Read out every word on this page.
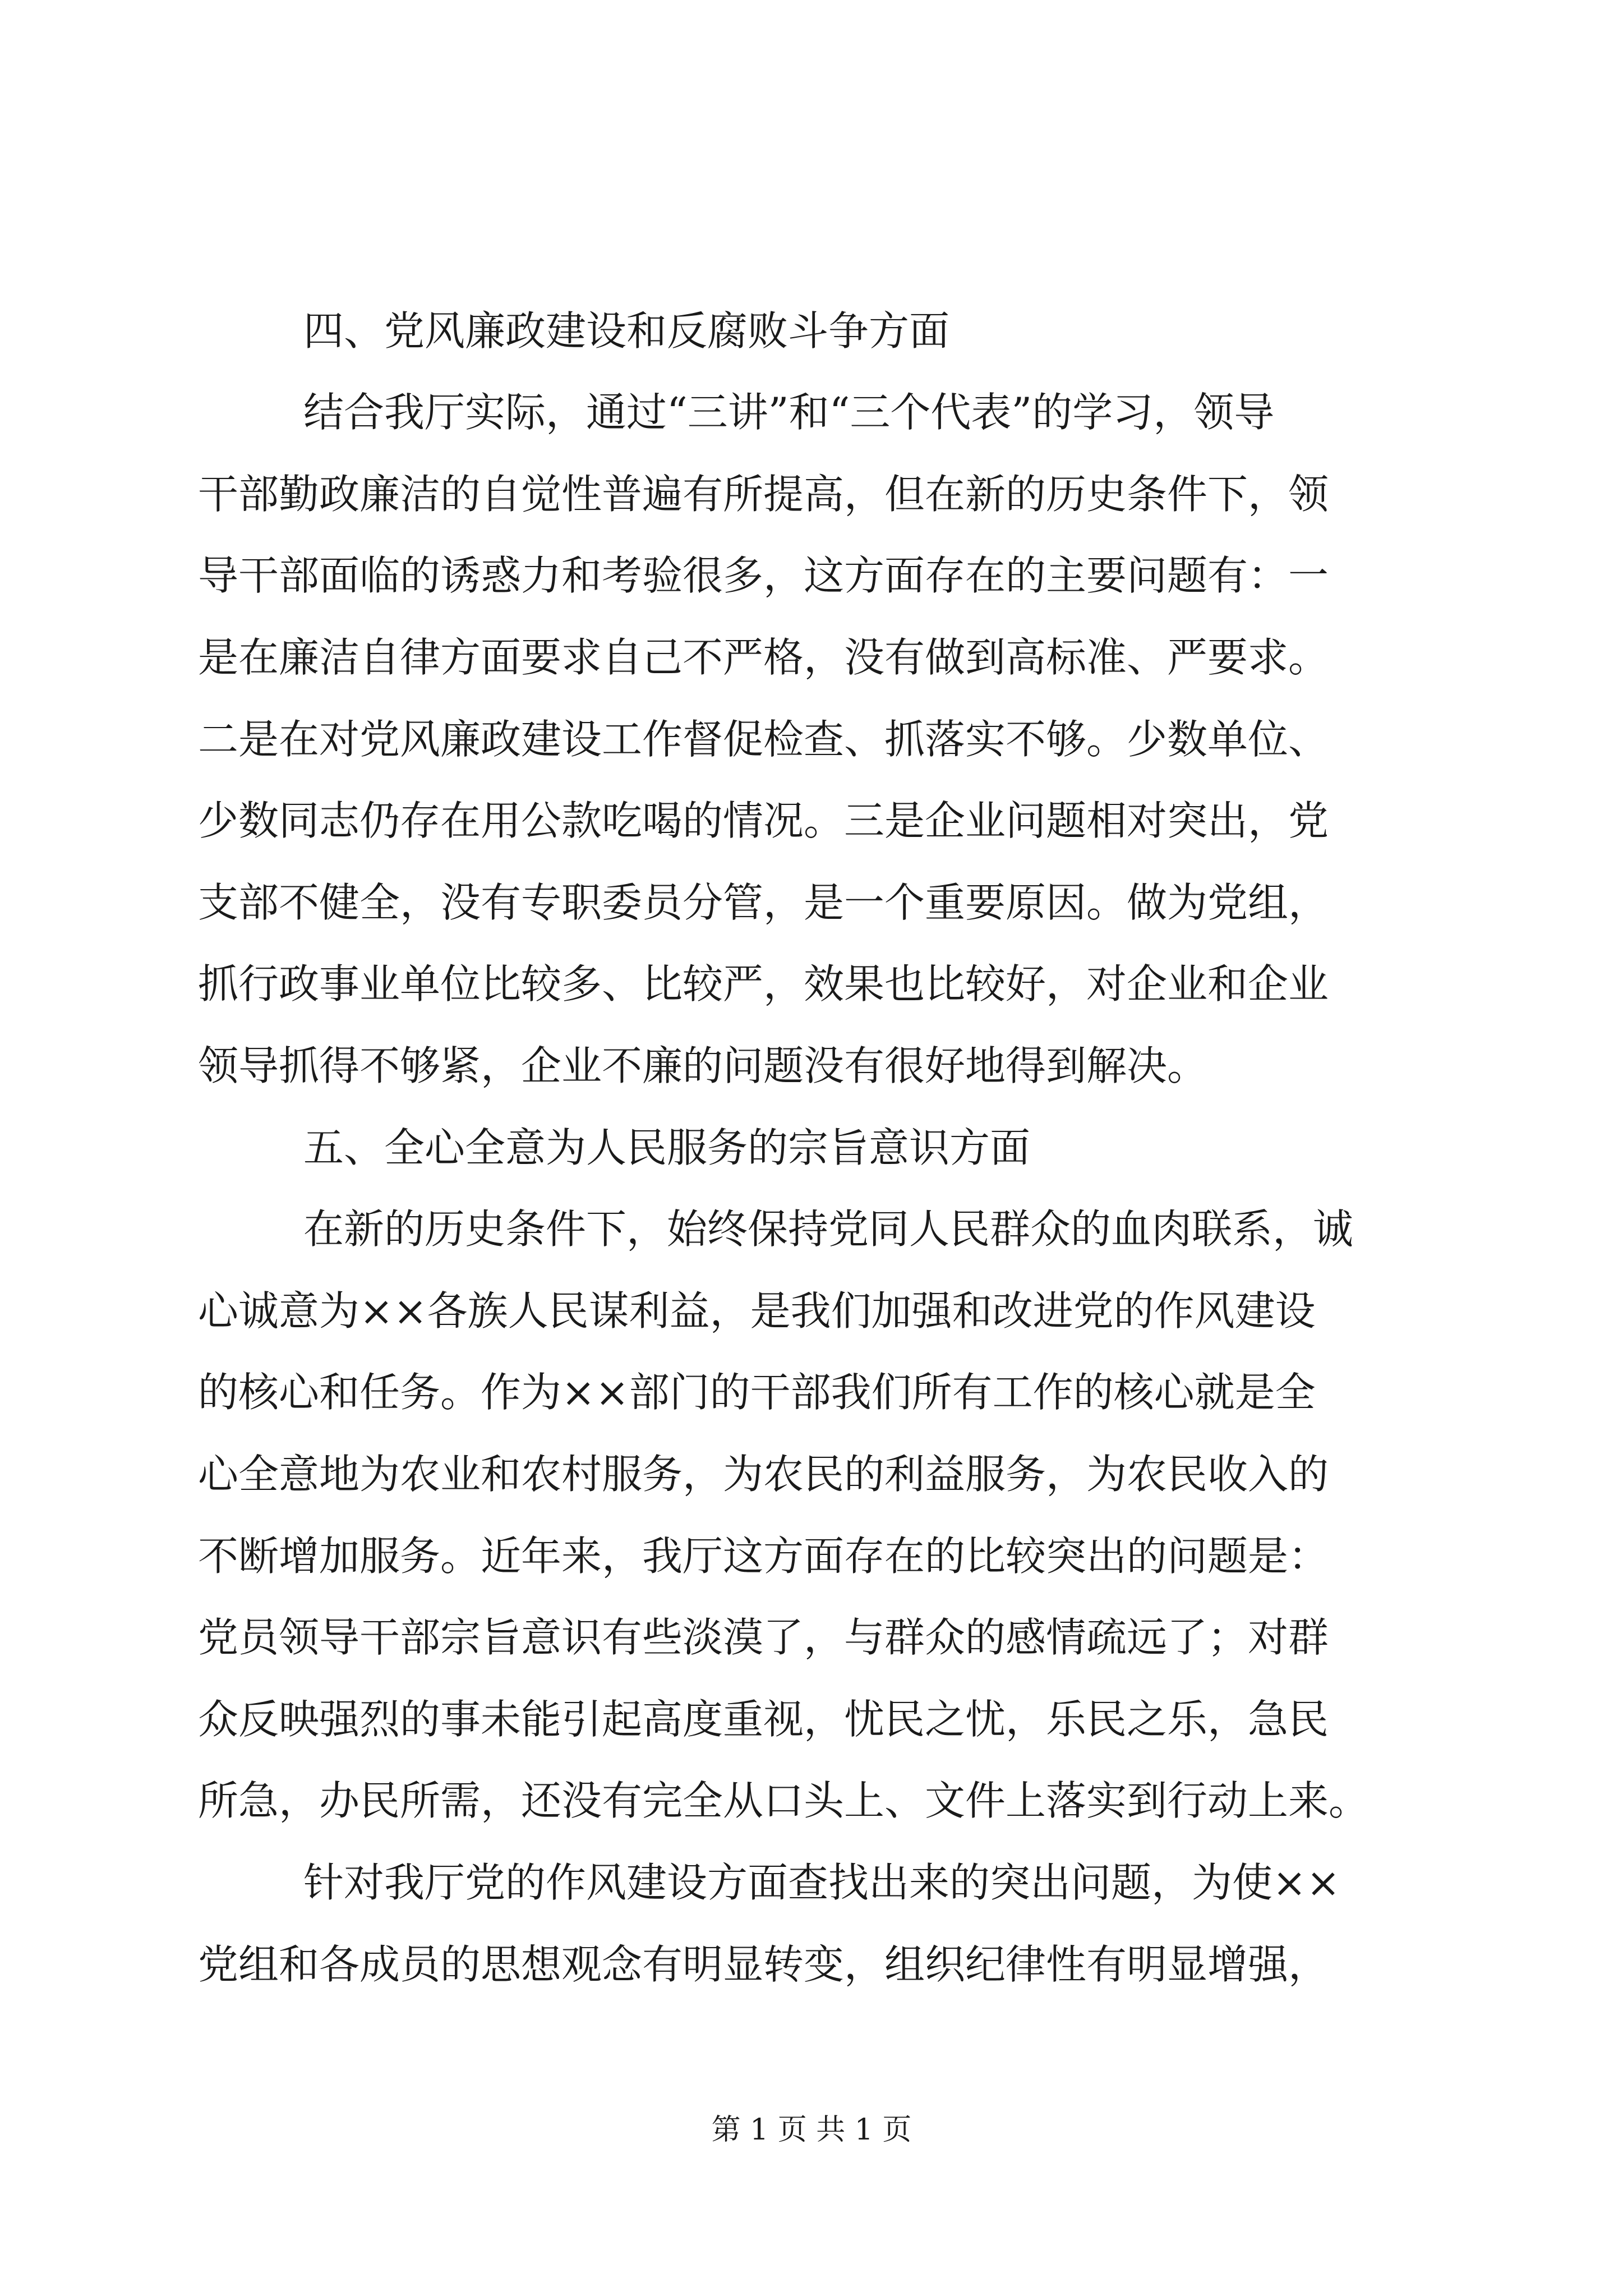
四、党风廉政建设和反腐败斗争方面
结合我厅实际，通过“三讲”和“三个代表”的学习，领导
干部勤政廉洁的自觉性普遍有所提高，但在新的历史条件下，领
导干部面临的诱惑力和考验很多，这方面存在的主要问题有：一
是在廉洁自律方面要求自己不严格，没有做到高标准、严要求。
二是在对党风廉政建设工作督促检查、抓落实不够。少数单位、
少数同志仍存在用公款吃喝的情况。三是企业问题相对突出，党
支部不健全，没有专职委员分管，是一个重要原因。做为党组，
抓行政事业单位比较多、比较严，效果也比较好，对企业和企业
领导抓得不够紧，企业不廉的问题没有很好地得到解决。
五、全心全意为人民服务的宗旨意识方面
在新的历史条件下，始终保持党同人民群众的血肉联系，诚
心诚意为××各族人民谋利益，是我们加强和改进党的作风建设
的核心和任务。作为××部门的干部我们所有工作的核心就是全
心全意地为农业和农村服务，为农民的利益服务，为农民收入的
不断增加服务。近年来，我厅这方面存在的比较突出的问题是：
党员领导干部宗旨意识有些淡漠了，与群众的感情疏远了；对群
众反映强烈的事未能引起高度重视，忧民之忧，乐民之乐，急民
所急，办民所需，还没有完全从口头上、文件上落实到行动上来。
针对我厅党的作风建设方面查找出来的突出问题，为使××
党组和各成员的思想观念有明显转变，组织纪律性有明显增强，
第 1 页 共 1 页
